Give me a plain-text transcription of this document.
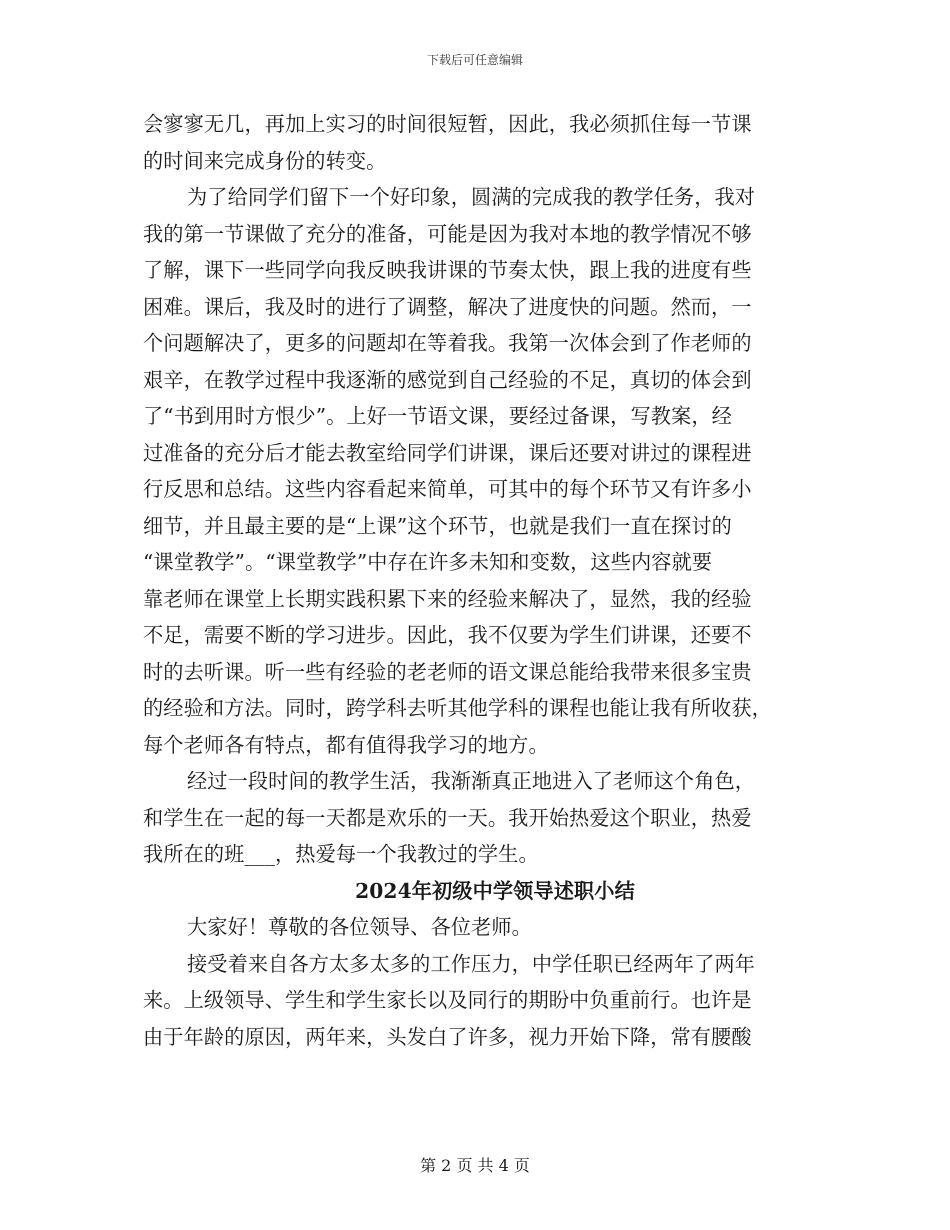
下载后可任意编辑
会寥寥无几，再加上实习的时间很短暂，因此，我必须抓住每一节课
的时间来完成身份的转变。
为了给同学们留下一个好印象，圆满的完成我的教学任务，我对
我的第一节课做了充分的准备，可能是因为我对本地的教学情况不够
了解，课下一些同学向我反映我讲课的节奏太快，跟上我的进度有些
困难。课后，我及时的进行了调整，解决了进度快的问题。然而，一
个问题解决了，更多的问题却在等着我。我第一次体会到了作老师的
艰辛，在教学过程中我逐渐的感觉到自己经验的不足，真切的体会到
了“书到用时方恨少”。上好一节语文课，要经过备课，写教案，经
过准备的充分后才能去教室给同学们讲课，课后还要对讲过的课程进
行反思和总结。这些内容看起来简单，可其中的每个环节又有许多小
细节，并且最主要的是“上课”这个环节，也就是我们一直在探讨的
“课堂教学”。“课堂教学”中存在许多未知和变数，这些内容就要
靠老师在课堂上长期实践积累下来的经验来解决了，显然，我的经验
不足，需要不断的学习进步。因此，我不仅要为学生们讲课，还要不
时的去听课。听一些有经验的老老师的语文课总能给我带来很多宝贵
的经验和方法。同时，跨学科去听其他学科的课程也能让我有所收获，
每个老师各有特点，都有值得我学习的地方。
经过一段时间的教学生活，我渐渐真正地进入了老师这个角色，
和学生在一起的每一天都是欢乐的一天。我开始热爱这个职业，热爱
我所在的班___，热爱每一个我教过的学生。
2024年初级中学领导述职小结
大家好！尊敬的各位领导、各位老师。
接受着来自各方太多太多的工作压力，中学任职已经两年了两年
来。上级领导、学生和学生家长以及同行的期盼中负重前行。也许是
由于年龄的原因，两年来，头发白了许多，视力开始下降，常有腰酸
第 2 页 共 4 页
